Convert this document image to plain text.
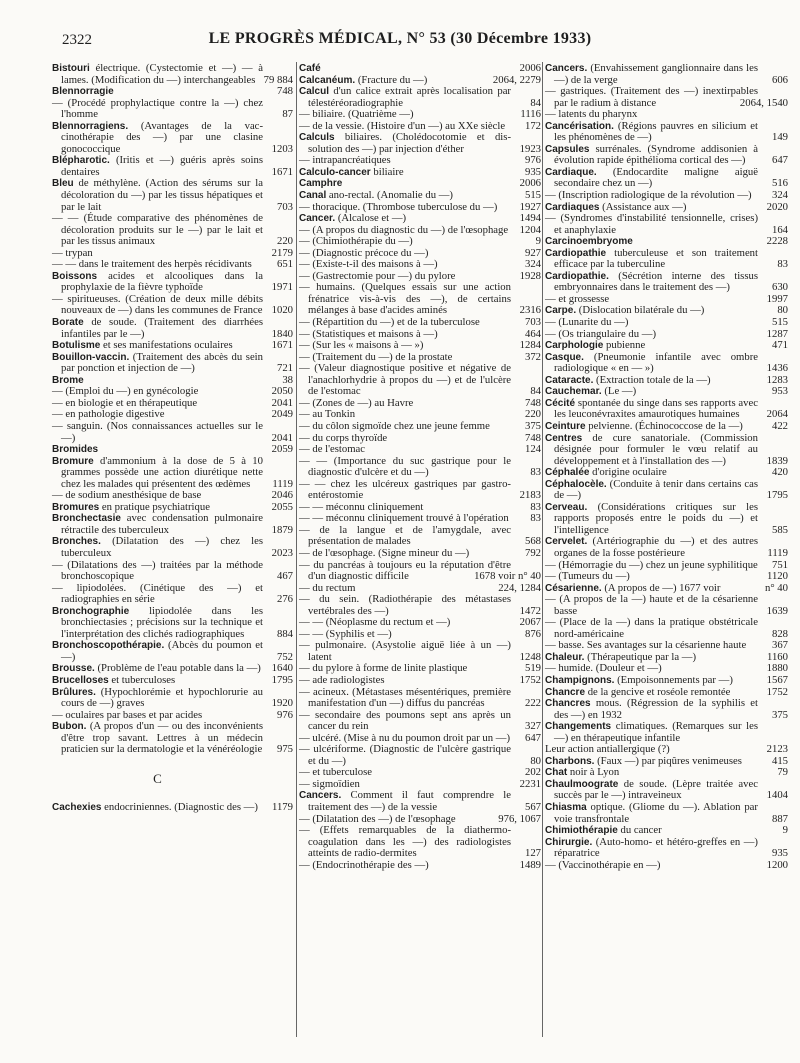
2322	LE PROGRÈS MÉDICAL, N° 53 (30 Décembre 1933)
Bistouri électrique. (Cystectomie et —) — à lames. (Modification du —) interchangeables 79 884
Blennorragie	748
— (Procédé prophylactique contre la —) chez l'homme	87
Blennorragiens. (Avantages de la vaccinothérapie des —) par une clasine gonococcique	1203
Blépharotic. (Iritis et —) guéris après soins dentaires	1671
Bleu de méthylène. (Action des sérums sur la décoloration du —) par les tissus hépatiques et par le lait	703
— — (Étude comparative des phénomènes de décoloration produits sur le —) par le lait et par les tissus animaux	220
— trypan	2179
— — dans le traitement des herpès récidivants 651
Boissons acides et alcooliques dans la prophylaxie de la fièvre typhoïde	1971
— spiritueuses. (Création de deux mille débits nouveaux de —) dans les communes de France 1020
Borate de soude. (Traitement des diarrhées infantiles par le —)	1840
Botulisme et ses manifestations oculaires	1671
Bouillon-vaccin. (Traitement des abcès du sein par ponction et injection de —)	721
Brome	38
— (Emploi du —) en gynécologie	2050
— en biologie et en thérapeutique	2041
— en pathologie digestive	2049
— sanguin. (Nos connaissances actuelles sur le —)	2041
Bromides	2059
Bromure d'ammonium à la dose de 5 à 10 grammes possède une action diurétique nette chez les malades qui présentent des œdèmes 1119
— de sodium anesthésique de base	2046
Bromures en pratique psychiatrique	2055
Bronchectasie avec condensation pulmonaire rétractile des tuberculeux	1879
Bronches. (Dilatation des —) chez les tuberculeux	2023
— (Dilatations des —) traitées par la méthode bronchoscopique	467
— lipiodolées. (Cinétique des —) et radiographies en série	276
Bronchographie lipiodolée dans les bronchiectasies ; précisions sur la technique et l'interprétation des clichés radiographiques	884
Bronchoscopothérapie. (Abcès du poumon et —)	752
Brousse. (Problème de l'eau potable dans la —) 1640
Brucelloses et tuberculoses	1795
Brûlures. (Hypochlorémie et hypochlorurie au cours de —) graves	1920
— oculaires par bases et par acides	976
Bubon. (A propos d'un — ou des inconvénients d'être trop savant. Lettres à un médecin praticien sur la dermatologie et la vénéréologie 975
C
Cachexies endocriniennes. (Diagnostic des —) 1179
Café	2006
Calcanéum. (Fracture du —)	2064, 2279
Calcul d'un calice extrait après localisation par télestéréoradiographie	84
— biliaire. (Quatrième —)	1116
— de la vessie. (Histoire d'un —) au XXe siècle 172
Calculs biliaires. (Cholédocotomie et dissolution des —) par injection d'éther	1923
— intrapancréatiques	976
Calculo-cancer biliaire	935
Camphre	2006
Canal ano-rectal. (Anomalie du —)	515
— thoracique. (Thrombose tuberculose du —) 1927
Cancer. (Alcalose et —)	1494
— (A propos du diagnostic du —) de l'œsophage 1204
— (Chimiothérapie du —)	9
— (Diagnostic précoce du —)	927
— (Existe-t-il des maisons à —)	324
— (Gastrectomie pour —) du pylore	1928
— humains. (Quelques essais sur une action frénatrice vis-à-vis des —), de certains mélanges à base d'acides aminés	2316
— (Répartition du —) et de la tuberculose	703
— (Statistiques et maisons à —)	464
— (Sur les « maisons à — »)	1284
— (Traitement du —) de la prostate	372
— (Valeur diagnostique positive et négative de l'anachlorhydrie à propos du —) et de l'ulcère de l'estomac	84
— (Zones de —) au Havre	748
— au Tonkin	220
— du côlon sigmoïde chez une jeune femme	375
— du corps thyroïde	748
— de l'estomac	124
— — (Importance du suc gastrique pour le diagnostic d'ulcère et du —)	83
— — chez les ulcéreux gastriques par gastro-entérostomie	2183
— — méconnu cliniquement	83
— — méconnu cliniquement trouvé à l'opération 83
— de la langue et de l'amygdale, avec présentation de malades	568
— de l'œsophage. (Signe mineur du —)	792
— du pancréas à toujours eu la réputation d'être d'un diagnostic difficile	1678 voir n° 40
— du rectum	224, 1284
— du sein. (Radiothérapie des métastases vertébrales des —)	1472
— — (Néoplasme du rectum et —)	2067
— — (Syphilis et —)	876
— pulmonaire. (Asystolie aiguë liée à un —) latent	1248
— du pylore à forme de linite plastique	519
— ade radiologistes	1752
— acineux. (Métastases mésentériques, première manifestation d'un —) diffus du pancréas	222
— secondaire des poumons sept ans après un cancer du rein	327
— ulcéré. (Mise à nu du poumon droit par un —) 647
— ulcériforme. (Diagnostic de l'ulcère gastrique et du —)	80
— et tuberculose	202
— sigmoïdien	2231
Cancers. Comment il faut comprendre le traitement des —) de la vessie	567
— (Dilatation des —) de l'œsophage	976, 1067
— (Effets remarquables de la diathermo-coagulation dans les —) des radiologistes atteints de radio-dermites	127
— (Endocrinothérapie des —)	1489
Cancers. (Envahissement ganglionnaire dans les —) de la verge	606
— gastriques. (Traitement des —) inextirpables par le radium à distance	2064, 1540
— latents du pharynx
Cancérisation. (Régions pauvres en silicium et les phénomènes de —)	149
Capsules surrénales. (Syndrome addisonien à évolution rapide épithélioma cortical des —) 647
Cardiaque. (Endocardite maligne aiguë secondaire chez un —)	516
— (Inscription radiologique de la révolution —) 324
Cardiaques (Assistance aux —)	2020
— (Syndromes d'instabilité tensionnelle, crises) et anaphylaxie	164
Carcinoembryome	2228
Cardiopathie tuberculeuse et son traitement efficace par la tuberculine	83
Cardiopathie. (Sécrétion interne des tissus embryonnaires dans le traitement des —)	630
— et grossesse	1997
Carpe. (Dislocation bilatérale du —)	80
— (Lunarite du —)	515
— (Os triangulaire du —)	1287
Carphologie pubienne	471
Casque. (Pneumonie infantile avec ombre radiologique « en — »)	1436
Cataracte. (Extraction totale de la —)	1283
Cauchemar. (Le —)	953
Cécité spontanée du singe dans ses rapports avec les leuconévraxites amaurotiques humaines	2064
Ceinture pelvienne. (Échinococcose de la —)	422
Centres de cure sanatoriale. (Commission désignée pour formuler le vœu relatif au développement et à l'installation des —)	1839
Céphalée d'origine oculaire	420
Céphalocèle. (Conduite à tenir dans certains cas de —)	1795
Cerveau. (Considérations critiques sur les rapports proposés entre le poids du —) et l'intelligence	585
Cervelet. (Artériographie du —) et des autres organes de la fosse postérieure	1119
— (Hémorragie du —) chez un jeune syphilitique 751
— (Tumeurs du —)	1120
Césarienne. (A propos de —) 1677 voir	n° 40
— (A propos de la —) haute et de la césarienne basse	1639
— (Place de la —) dans la pratique obstétricale nord-américaine	828
— basse. Ses avantages sur la césarienne haute 367
Chaleur. (Thérapeutique par la —)	1160
— humide. (Douleur et —)	1880
Champignons. (Empoisonnements par —)	1567
Chancre de la gencive et roséole remontée	1752
Chancres mous. (Régression de la syphilis et des —) en 1932	375
Changements climatiques. (Remarques sur les —) en thérapeutique infantile
Leur action antiallergique (?)	2123
Charbons. (Faux —) par piqûres venimeuses	415
Chat noir à Lyon	79
Chaulmoograte de soude. (Lèpre traitée avec succès par le —) intraveineux	1404
Chiasma optique. (Gliome du —). Ablation par voie transfrontale	887
Chimiothérapie du cancer	9
Chirurgie. (Auto-homo- et hétéro-greffes en —) réparatrice	935
— (Vaccinothérapie en —)	1200
